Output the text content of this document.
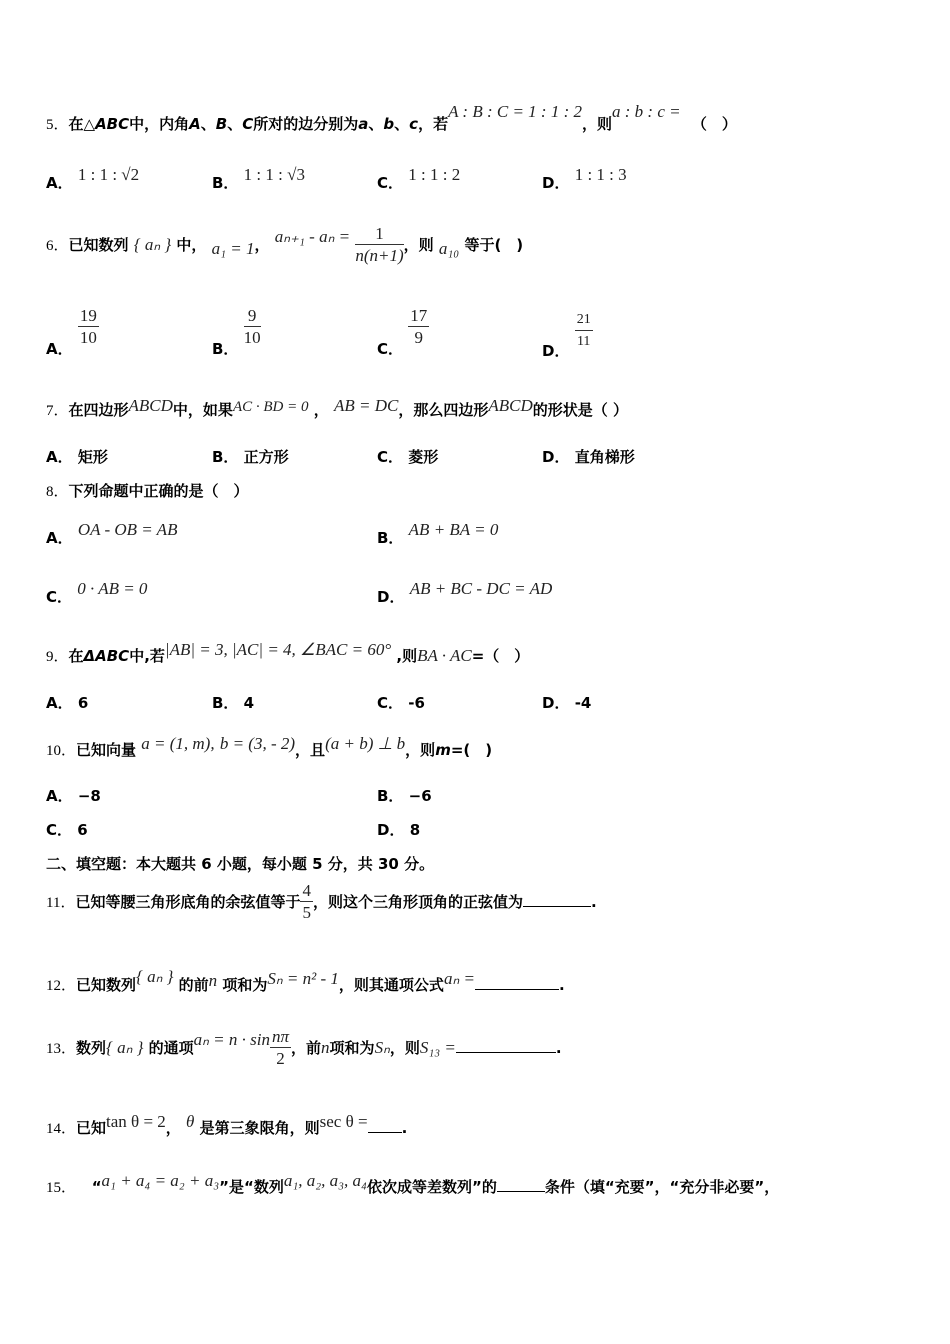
5．在△ABC中，内角A、B、C所对的边分别为a、b、c，若A : B : C = 1 : 1 : 2，则a : b : c = （　）
A． 1 : 1 : √2	B． 1 : 1 : √3	C． 1 : 1 : 2	D． 1 : 1 : 3
6．已知数列 { aₙ } 中， a₁ = 1， $a_{n+1} - a_n = \frac{1}{n(n+1)}$ ，则 a₁₀ 等于(　)
A． $\frac{19}{10}$	B． $\frac{9}{10}$	C． $\frac{17}{9}$
D． $\frac{21}{11}$
7．在四边形ABCD中，如果AC · BD = 0 ， AB = DC，那么四边形ABCD的形状是（ ）
A． 矩形	B． 正方形	C． 菱形	D． 直角梯形
8．下列命题中正确的是（　）
A． OA - OB = AB	B． AB + BA = 0
C． 0 · AB = 0	D． AB + BC - DC = AD
9．在ΔABC中,若|AB| = 3, |AC| = 4, ∠BAC = 60° ,则BA · AC=（　）
A． 6	B． 4	C． -6	D． -4
10．已知向量 a = (1, m), b = (3, - 2)，且(a + b) ⊥ b，则m=(　)
A． −8	B． −6
C． 6	D． 8
二、填空题：本大题共 6 小题，每小题 5 分，共 30 分。
11．已知等腰三角形底角的余弦值等于 $\frac{4}{5}$ ，则这个三角形顶角的正弦值为	.
12．已知数列{ aₙ } 的前n 项和为Sₙ = n² - 1，则其通项公式aₙ =	.
13．数列{ aₙ } 的通项$a_n = n \cdot \sin \frac{n\pi}{2}$ ，前n项和为Sₙ，则S₁₃ =	.
14．已知tan θ = 2， θ 是第三象限角，则sec θ = .
15． “a₁ + a₄ = a₂ + a₃”是“数列a₁, a₂, a₃, a₄依次成等差数列”的	条件（填“充要”，“充分非必要”，
